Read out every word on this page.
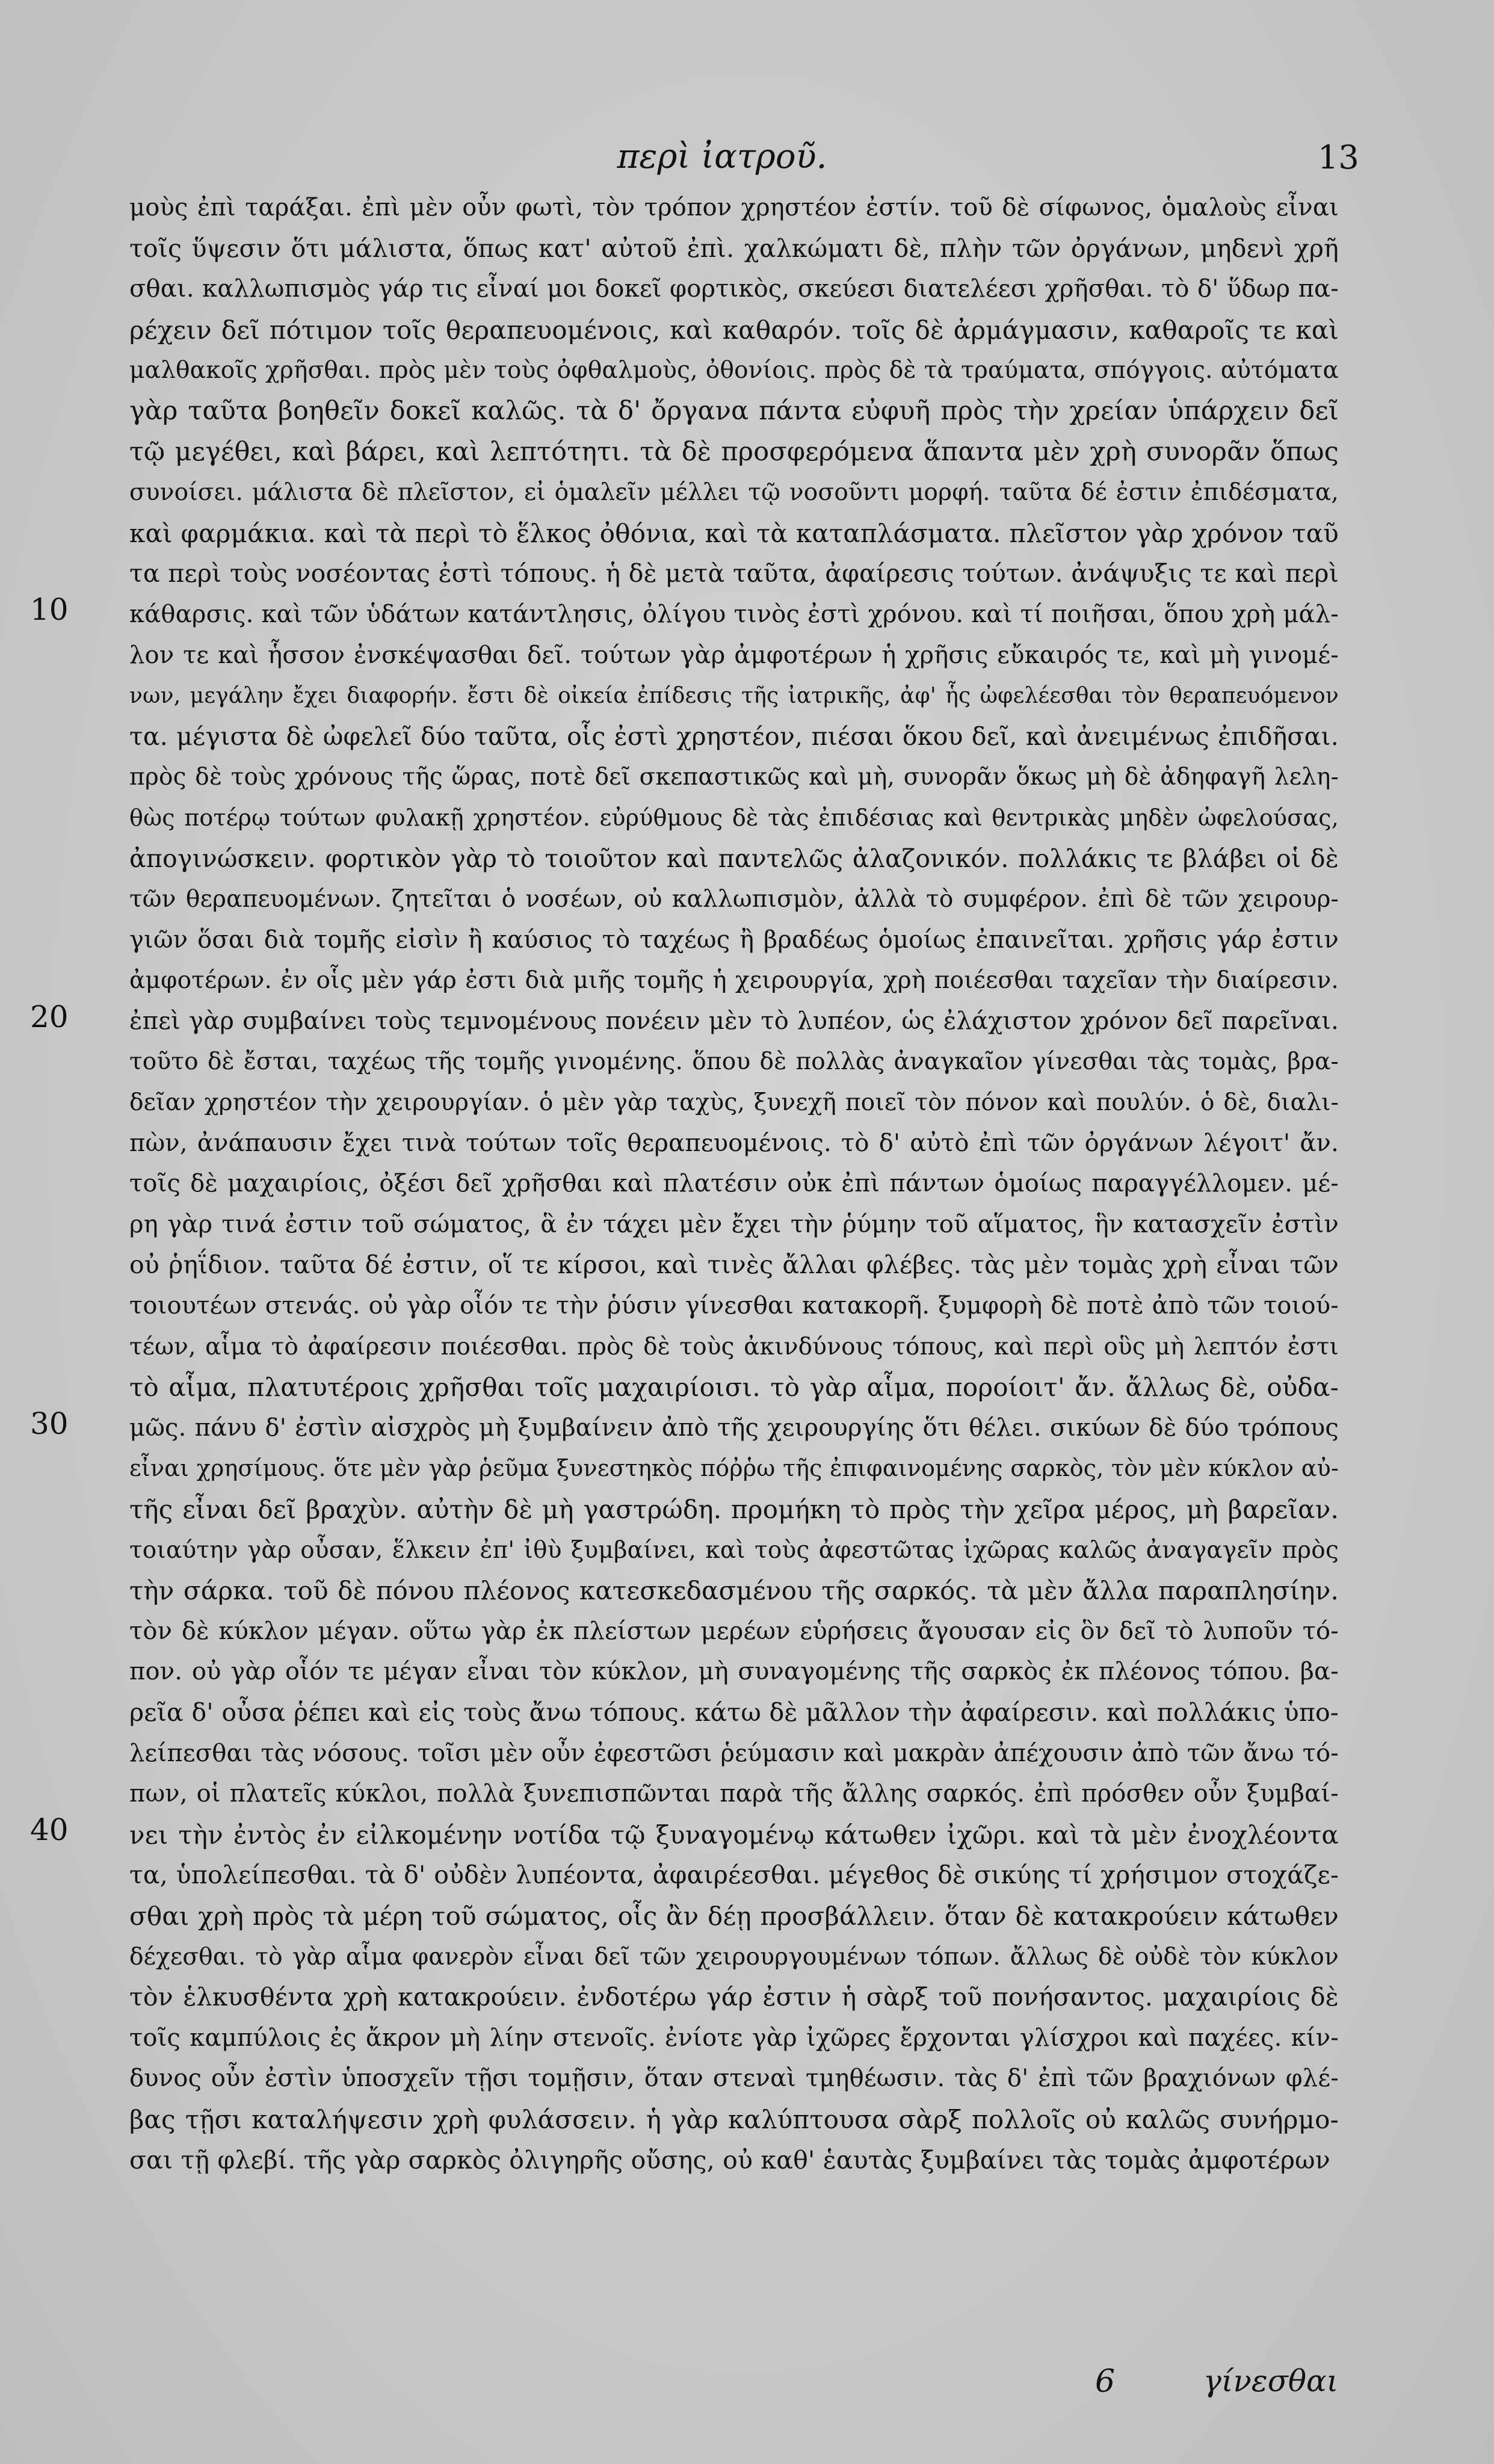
περὶ ἰατροῦ.	13
10
20
30
40
μοὺς ἐπὶ ταράξαι. ἐπὶ μὲν οὖν φωτὶ, τὸν τρόπον χρηστέον ἐστίν. τοῦ δὲ σίφωνος, ὁμαλοὺς εἶναι
τοῖς ὕψεσιν ὅτι μάλιστα, ὅπως κατ' αὐτοῦ ἐπὶ. χαλκώματι δὲ, πλὴν τῶν ὀργάνων, μηδενὶ χρῆ
σθαι. καλλωπισμὸς γάρ τις εἶναί μοι δοκεῖ φορτικὸς, σκεύεσι διατελέεσι χρῆσθαι. τὸ δ' ὕδωρ πα-
ρέχειν δεῖ πότιμον τοῖς θεραπευομένοις, καὶ καθαρόν. τοῖς δὲ ἀρμάγμασιν, καθαροῖς τε καὶ
μαλθακοῖς χρῆσθαι. πρὸς μὲν τοὺς ὀφθαλμοὺς, ὀθονίοις. πρὸς δὲ τὰ τραύματα, σπόγγοις. αὐτόματα
γὰρ ταῦτα βοηθεῖν δοκεῖ καλῶς. τὰ δ' ὄργανα πάντα εὐφυῆ πρὸς τὴν χρείαν ὑπάρχειν δεῖ
τῷ μεγέθει, καὶ βάρει, καὶ λεπτότητι. τὰ δὲ προσφερόμενα ἅπαντα μὲν χρὴ συνορᾶν ὅπως
συνοίσει. μάλιστα δὲ πλεῖστον, εἰ ὁμαλεῖν μέλλει τῷ νοσοῦντι μορφή. ταῦτα δέ ἐστιν ἐπιδέσματα,
καὶ φαρμάκια. καὶ τὰ περὶ τὸ ἕλκος ὀθόνια, καὶ τὰ καταπλάσματα. πλεῖστον γὰρ χρόνον ταῦ
τα περὶ τοὺς νοσέοντας ἐστὶ τόπους. ἡ δὲ μετὰ ταῦτα, ἀφαίρεσις τούτων. ἀνάψυξις τε καὶ περὶ
κάθαρσις. καὶ τῶν ὑδάτων κατάντλησις, ὀλίγου τινὸς ἐστὶ χρόνου. καὶ τί ποιῆσαι, ὅπου χρὴ μάλ-
λον τε καὶ ἧσσον ἐνσκέψασθαι δεῖ. τούτων γὰρ ἀμφοτέρων ἡ χρῆσις εὔκαιρός τε, καὶ μὴ γινομέ-
νων, μεγάλην ἔχει διαφορήν. ἔστι δὲ οἰκεία ἐπίδεσις τῆς ἰατρικῆς, ἀφ' ἧς ὠφελέεσθαι τὸν θεραπευόμενον
τα. μέγιστα δὲ ὠφελεῖ δύο ταῦτα, οἷς ἐστὶ χρηστέον, πιέσαι ὅκου δεῖ, καὶ ἀνειμένως ἐπιδῆσαι.
πρὸς δὲ τοὺς χρόνους τῆς ὥρας, ποτὲ δεῖ σκεπαστικῶς καὶ μὴ, συνορᾶν ὅκως μὴ δὲ ἀδηφαγῆ λελη-
θὼς ποτέρῳ τούτων φυλακῇ χρηστέον. εὐρύθμους δὲ τὰς ἐπιδέσιας καὶ θεντρικὰς μηδὲν ὠφελούσας,
ἀπογινώσκειν. φορτικὸν γὰρ τὸ τοιοῦτον καὶ παντελῶς ἀλαζονικόν. πολλάκις τε βλάβει οἱ δὲ
τῶν θεραπευομένων. ζητεῖται ὁ νοσέων, οὐ καλλωπισμὸν, ἀλλὰ τὸ συμφέρον. ἐπὶ δὲ τῶν χειρουρ-
γιῶν ὅσαι διὰ τομῆς εἰσὶν ἢ καύσιος τὸ ταχέως ἢ βραδέως ὁμοίως ἐπαινεῖται. χρῆσις γάρ ἐστιν
ἀμφοτέρων. ἐν οἷς μὲν γάρ ἐστι διὰ μιῆς τομῆς ἡ χειρουργία, χρὴ ποιέεσθαι ταχεῖαν τὴν διαίρεσιν.
ἐπεὶ γὰρ συμβαίνει τοὺς τεμνομένους πονέειν μὲν τὸ λυπέον, ὡς ἐλάχιστον χρόνον δεῖ παρεῖναι.
τοῦτο δὲ ἔσται, ταχέως τῆς τομῆς γινομένης. ὅπου δὲ πολλὰς ἀναγκαῖον γίνεσθαι τὰς τομὰς, βρα-
δεῖαν χρηστέον τὴν χειρουργίαν. ὁ μὲν γὰρ ταχὺς, ξυνεχῆ ποιεῖ τὸν πόνον καὶ πουλύν. ὁ δὲ, διαλι-
πὼν, ἀνάπαυσιν ἔχει τινὰ τούτων τοῖς θεραπευομένοις. τὸ δ' αὐτὸ ἐπὶ τῶν ὀργάνων λέγοιτ' ἄν.
τοῖς δὲ μαχαιρίοις, ὀξέσι δεῖ χρῆσθαι καὶ πλατέσιν οὐκ ἐπὶ πάντων ὁμοίως παραγγέλλομεν. μέ-
ρη γὰρ τινά ἐστιν τοῦ σώματος, ἃ ἐν τάχει μὲν ἔχει τὴν ῥύμην τοῦ αἵματος, ἣν κατασχεῖν ἐστὶν
οὐ ῥηΐδιον. ταῦτα δέ ἐστιν, οἵ τε κίρσοι, καὶ τινὲς ἄλλαι φλέβες. τὰς μὲν τομὰς χρὴ εἶναι τῶν
τοιουτέων στενάς. οὐ γὰρ οἷόν τε τὴν ῥύσιν γίνεσθαι κατακορῆ. ξυμφορὴ δὲ ποτὲ ἀπὸ τῶν τοιού-
τέων, αἷμα τὸ ἀφαίρεσιν ποιέεσθαι. πρὸς δὲ τοὺς ἀκινδύνους τόπους, καὶ περὶ οὓς μὴ λεπτόν ἐστι
τὸ αἷμα, πλατυτέροις χρῆσθαι τοῖς μαχαιρίοισι. τὸ γὰρ αἷμα, ποροίοιτ' ἄν. ἄλλως δὲ, οὐδα-
μῶς. πάνυ δ' ἐστὶν αἰσχρὸς μὴ ξυμβαίνειν ἀπὸ τῆς χειρουργίης ὅτι θέλει. σικύων δὲ δύο τρόπους
εἶναι χρησίμους. ὅτε μὲν γὰρ ῥεῦμα ξυνεστηκὸς πόῤῥω τῆς ἐπιφαινομένης σαρκὸς, τὸν μὲν κύκλον αὐ-
τῆς εἶναι δεῖ βραχὺν. αὐτὴν δὲ μὴ γαστρώδη. προμήκη τὸ πρὸς τὴν χεῖρα μέρος, μὴ βαρεῖαν.
τοιαύτην γὰρ οὖσαν, ἕλκειν ἐπ' ἰθὺ ξυμβαίνει, καὶ τοὺς ἀφεστῶτας ἰχῶρας καλῶς ἀναγαγεῖν πρὸς
τὴν σάρκα. τοῦ δὲ πόνου πλέονος κατεσκεδασμένου τῆς σαρκός. τὰ μὲν ἄλλα παραπλησίην.
τὸν δὲ κύκλον μέγαν. οὕτω γὰρ ἐκ πλείστων μερέων εὑρήσεις ἄγουσαν εἰς ὃν δεῖ τὸ λυποῦν τό-
πον. οὐ γὰρ οἷόν τε μέγαν εἶναι τὸν κύκλον, μὴ συναγομένης τῆς σαρκὸς ἐκ πλέονος τόπου. βα-
ρεῖα δ' οὖσα ῥέπει καὶ εἰς τοὺς ἄνω τόπους. κάτω δὲ μᾶλλον τὴν ἀφαίρεσιν. καὶ πολλάκις ὑπο-
λείπεσθαι τὰς νόσους. τοῖσι μὲν οὖν ἐφεστῶσι ῥεύμασιν καὶ μακρὰν ἀπέχουσιν ἀπὸ τῶν ἄνω τό-
πων, οἱ πλατεῖς κύκλοι, πολλὰ ξυνεπισπῶνται παρὰ τῆς ἄλλης σαρκός. ἐπὶ πρόσθεν οὖν ξυμβαί-
νει τὴν ἐντὸς ἐν εἰλκομένην νοτίδα τῷ ξυναγομένῳ κάτωθεν ἰχῶρι. καὶ τὰ μὲν ἐνοχλέοντα
τα, ὑπολείπεσθαι. τὰ δ' οὐδὲν λυπέοντα, ἀφαιρέεσθαι. μέγεθος δὲ σικύης τί χρήσιμον στοχάζε-
σθαι χρὴ πρὸς τὰ μέρη τοῦ σώματος, οἷς ἂν δέῃ προσβάλλειν. ὅταν δὲ κατακρούειν κάτωθεν
δέχεσθαι. τὸ γὰρ αἷμα φανερὸν εἶναι δεῖ τῶν χειρουργουμένων τόπων. ἄλλως δὲ οὐδὲ τὸν κύκλον
τὸν ἑλκυσθέντα χρὴ κατακρούειν. ἐνδοτέρω γάρ ἐστιν ἡ σὰρξ τοῦ πονήσαντος. μαχαιρίοις δὲ
τοῖς καμπύλοις ἐς ἄκρον μὴ λίην στενοῖς. ἐνίοτε γὰρ ἰχῶρες ἔρχονται γλίσχροι καὶ παχέες. κίν-
δυνος οὖν ἐστὶν ὑποσχεῖν τῇσι τομῇσιν, ὅταν στεναὶ τμηθέωσιν. τὰς δ' ἐπὶ τῶν βραχιόνων φλέ-
βας τῇσι καταλήψεσιν χρὴ φυλάσσειν. ἡ γὰρ καλύπτουσα σὰρξ πολλοῖς οὐ καλῶς συνήρμο-
σαι τῇ φλεβί. τῆς γὰρ σαρκὸς ὀλιγηρῆς οὔσης, οὐ καθ' ἑαυτὰς ξυμβαίνει τὰς τομὰς ἀμφοτέρων
6	γίνεσθαι
